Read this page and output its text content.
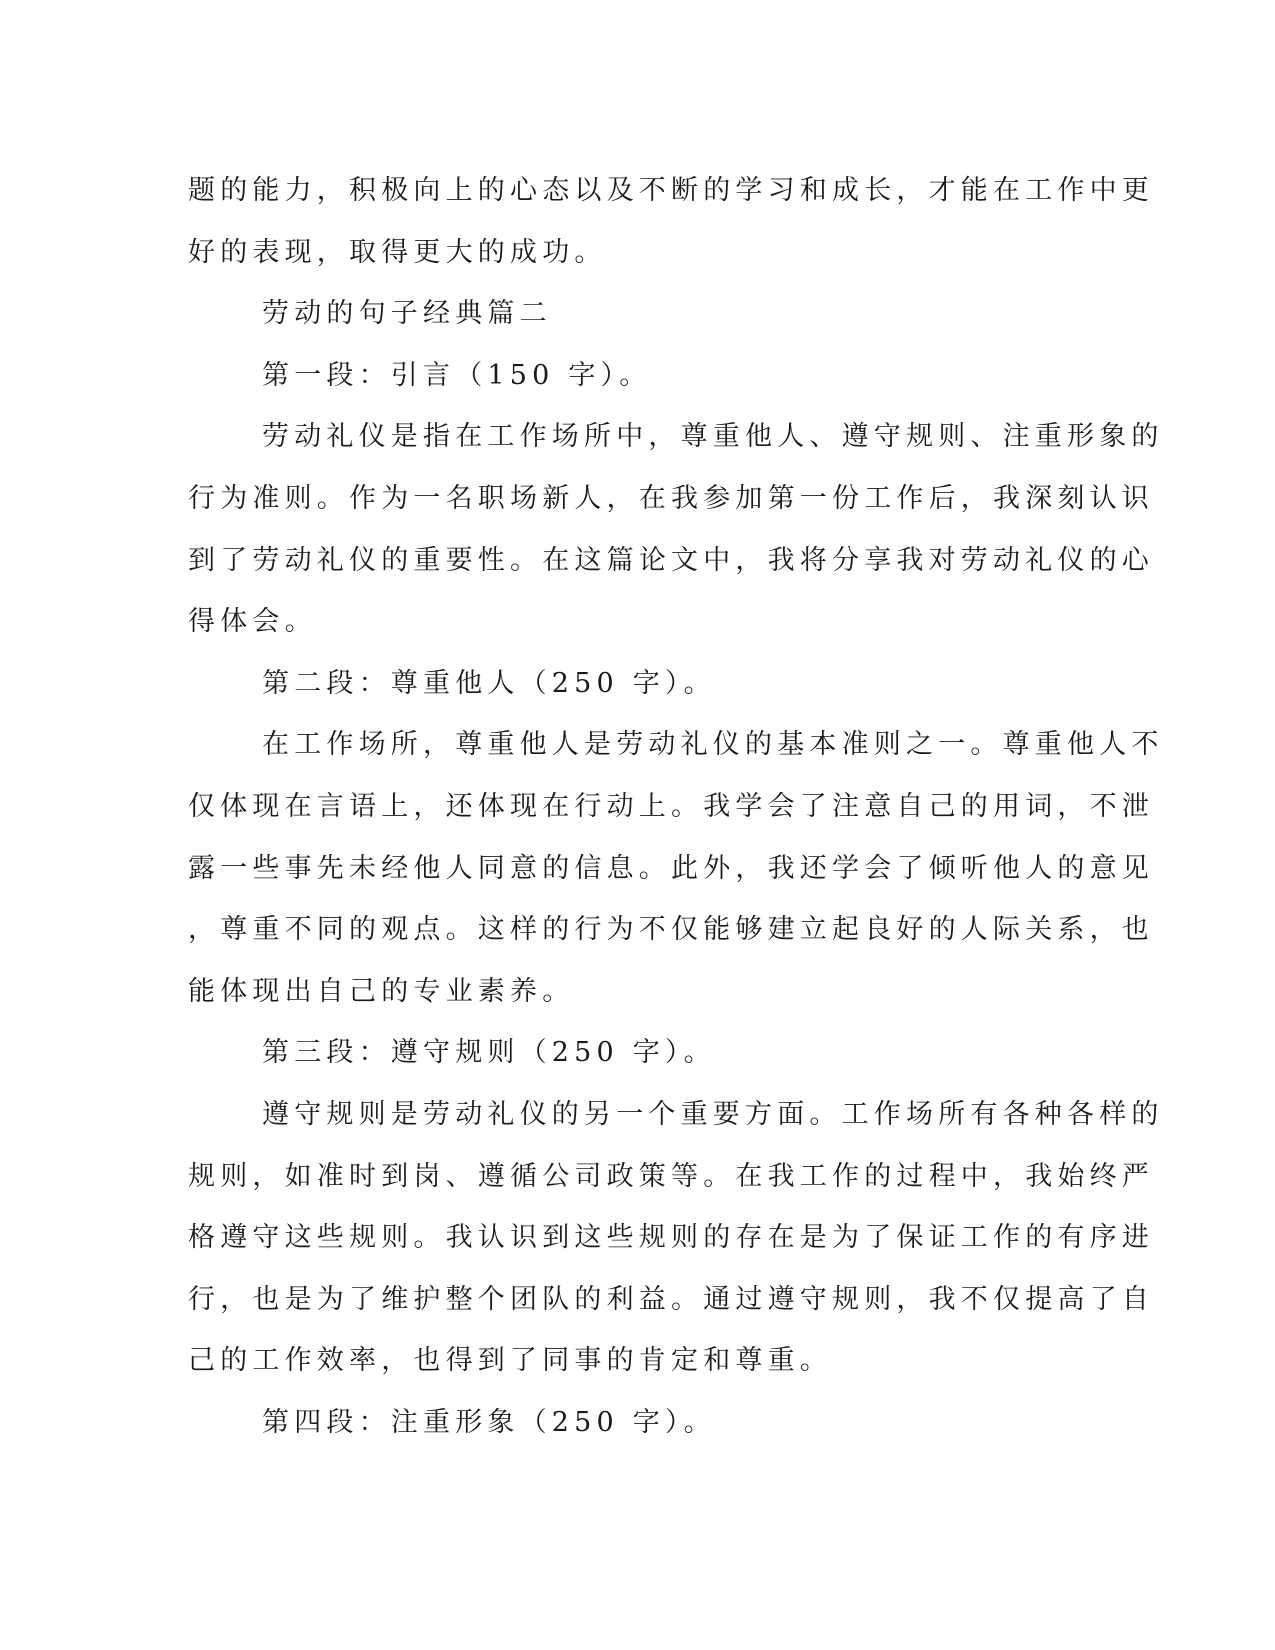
题的能力，积极向上的心态以及不断的学习和成长，才能在工作中更
好的表现，取得更大的成功。
劳动的句子经典篇二
第一段：引言（150 字）。
劳动礼仪是指在工作场所中，尊重他人、遵守规则、注重形象的
行为准则。作为一名职场新人，在我参加第一份工作后，我深刻认识
到了劳动礼仪的重要性。在这篇论文中，我将分享我对劳动礼仪的心
得体会。
第二段：尊重他人（250 字）。
在工作场所，尊重他人是劳动礼仪的基本准则之一。尊重他人不
仅体现在言语上，还体现在行动上。我学会了注意自己的用词，不泄
露一些事先未经他人同意的信息。此外，我还学会了倾听他人的意见
，尊重不同的观点。这样的行为不仅能够建立起良好的人际关系，也
能体现出自己的专业素养。
第三段：遵守规则（250 字）。
遵守规则是劳动礼仪的另一个重要方面。工作场所有各种各样的
规则，如准时到岗、遵循公司政策等。在我工作的过程中，我始终严
格遵守这些规则。我认识到这些规则的存在是为了保证工作的有序进
行，也是为了维护整个团队的利益。通过遵守规则，我不仅提高了自
己的工作效率，也得到了同事的肯定和尊重。
第四段：注重形象（250 字）。
